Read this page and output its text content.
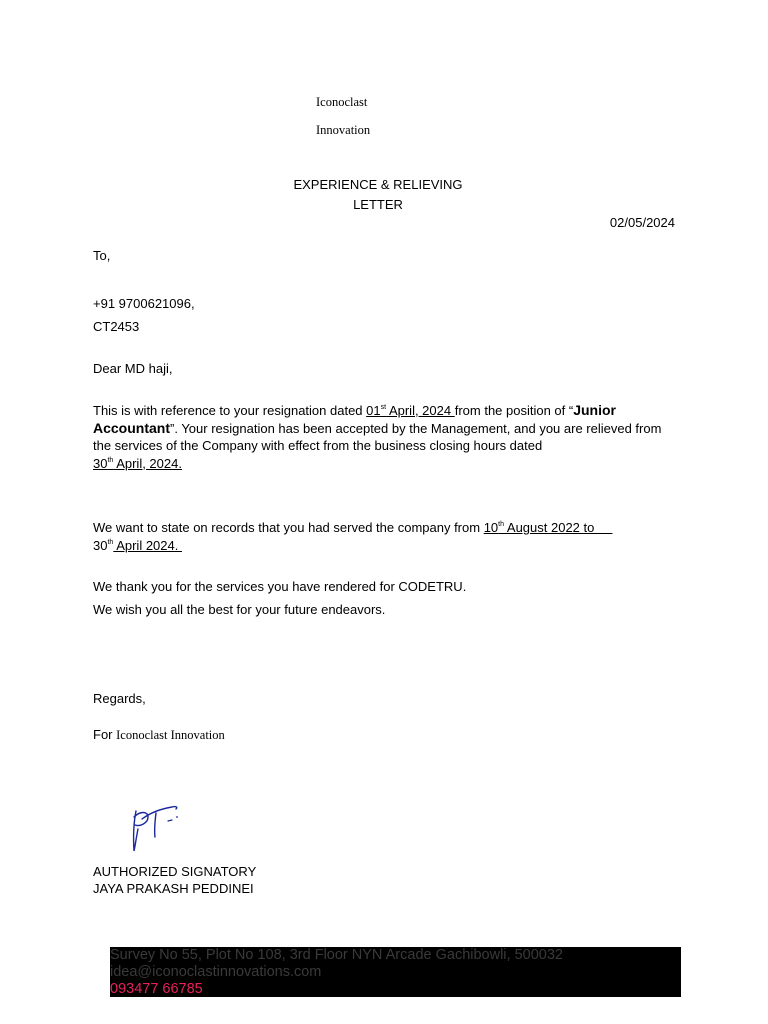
Iconoclast
Innovation
EXPERIENCE & RELIEVING
LETTER
02/05/2024
To,
+91 9700621096,
CT2453
Dear MD haji,
This is with reference to your resignation dated 01st April, 2024 from the position of “Junior Accountant”. Your resignation has been accepted by the Management, and you are relieved from the services of the Company with effect from the business closing hours dated
30th April, 2024.
We want to state on records that you had served the company from 10th August 2022 to
30th April 2024.
We thank you for the services you have rendered for CODETRU.
We wish you all the best for your future endeavors.
Regards,
For Iconoclast Innovation
AUTHORIZED SIGNATORY
JAYA PRAKASH PEDDINEI
Survey No 55, Plot No 108, 3rd Floor NYN Arcade Gachibowli, 500032
idea@iconoclastinnovations.com
093477 66785
